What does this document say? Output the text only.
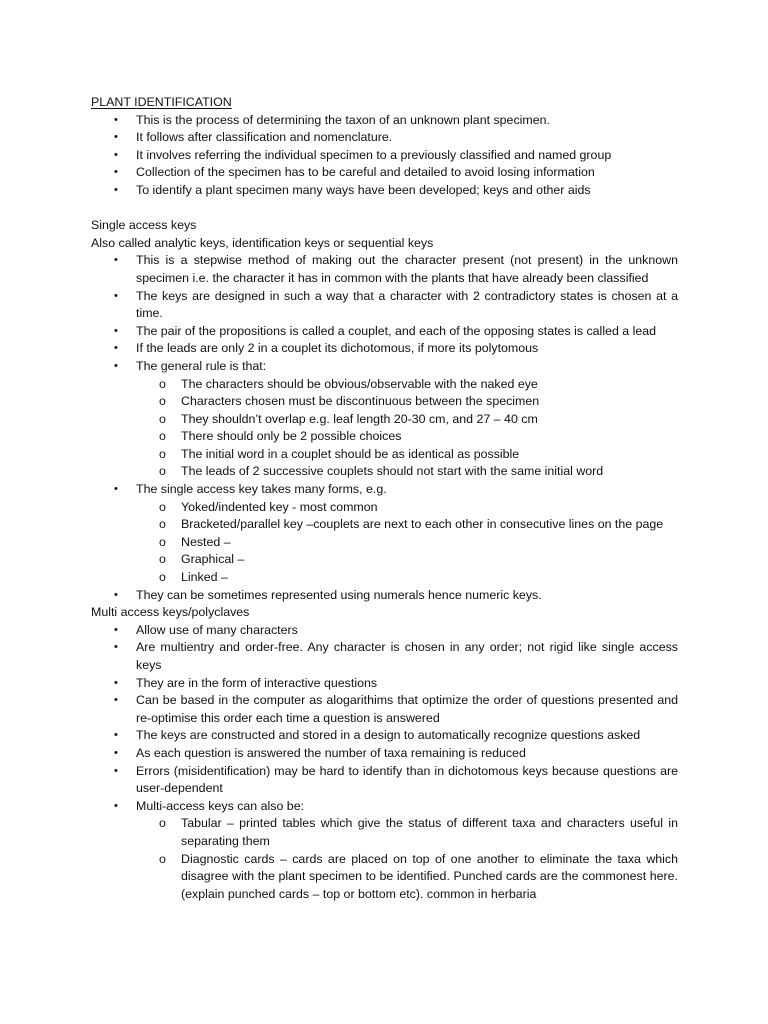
PLANT IDENTIFICATION
• This is the process of determining the taxon of an unknown plant specimen.
• It follows after classification and nomenclature.
• It involves referring the individual specimen to a previously classified and named group
• Collection of the specimen has to be careful and detailed to avoid losing information
• To identify a plant specimen many ways have been developed; keys and other aids
Single access keys
Also called analytic keys, identification keys or sequential keys
• This is a stepwise method of making out the character present (not present) in the unknown specimen i.e. the character it has in common with the plants that have already been classified
• The keys are designed in such a way that a character with 2 contradictory states is chosen at a time.
• The pair of the propositions is called a couplet, and each of the opposing states is called a lead
• If the leads are only 2 in a couplet its dichotomous, if more its polytomous
• The general rule is that:
o The characters should be obvious/observable with the naked eye
o Characters chosen must be discontinuous between the specimen
o They shouldn’t overlap e.g. leaf length 20-30 cm, and 27 – 40 cm
o There should only be 2 possible choices
o The initial word in a couplet should be as identical as possible
o The leads of 2 successive couplets should not start with the same initial word
• The single access key takes many forms, e.g.
o Yoked/indented key - most common
o Bracketed/parallel key –couplets are next to each other in consecutive lines on the page
o Nested –
o Graphical –
o Linked –
• They can be sometimes represented using numerals hence numeric keys.
Multi access keys/polyclaves
• Allow use of many characters
• Are multientry and order-free. Any character is chosen in any order; not rigid like single access keys
• They are in the form of interactive questions
• Can be based in the computer as alogarithims that optimize the order of questions presented and re-optimise this order each time a question is answered
• The keys are constructed and stored in a design to automatically recognize questions asked
• As each question is answered the number of taxa remaining is reduced
• Errors (misidentification) may be hard to identify than in dichotomous keys because questions are user-dependent
• Multi-access keys can also be:
o Tabular – printed tables which give the status of different taxa and characters useful in separating them
o Diagnostic cards – cards are placed on top of one another to eliminate the taxa which disagree with the plant specimen to be identified. Punched cards are the commonest here. (explain punched cards – top or bottom etc). common in herbaria
